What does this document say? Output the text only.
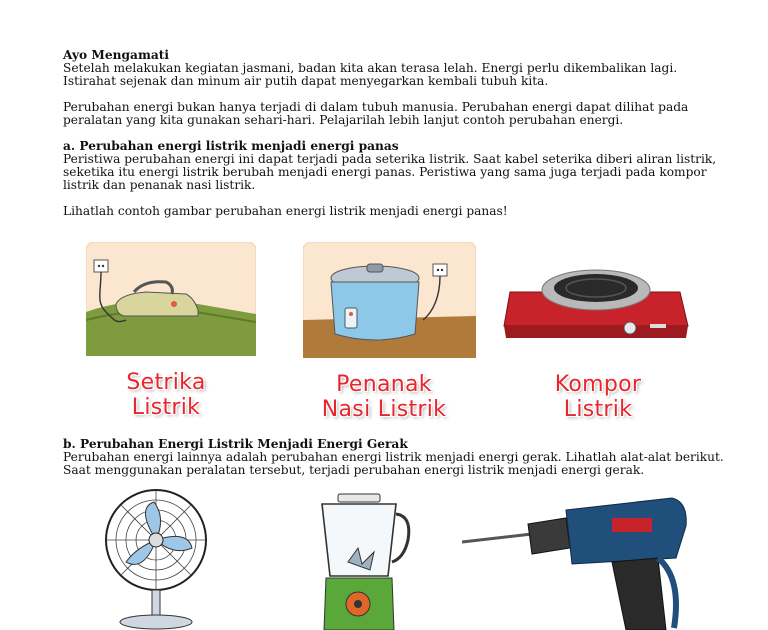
Ayo Mengamati
Setelah melakukan kegiatan jasmani, badan kita akan terasa lelah. Energi perlu dikembalikan lagi.
Istirahat sejenak dan minum air putih dapat menyegarkan kembali tubuh kita.
Perubahan energi bukan hanya terjadi di dalam tubuh manusia. Perubahan energi dapat dilihat pada
peralatan yang kita gunakan sehari-hari. Pelajarilah lebih lanjut contoh perubahan energi.
a. Perubahan energi listrik menjadi energi panas
Peristiwa perubahan energi ini dapat terjadi pada seterika listrik. Saat kabel seterika diberi aliran listrik,
seketika itu energi listrik berubah menjadi energi panas. Peristiwa yang sama juga terjadi pada kompor
listrik dan penanak nasi listrik.
Lihatlah contoh gambar perubahan energi listrik menjadi energi panas!
Setrika
Listrik
Penanak
Nasi Listrik
Kompor
Listrik
b. Perubahan Energi Listrik Menjadi Energi Gerak
Perubahan energi lainnya adalah perubahan energi listrik menjadi energi gerak. Lihatlah alat-alat berikut.
Saat menggunakan peralatan tersebut, terjadi perubahan energi listrik menjadi energi gerak.
